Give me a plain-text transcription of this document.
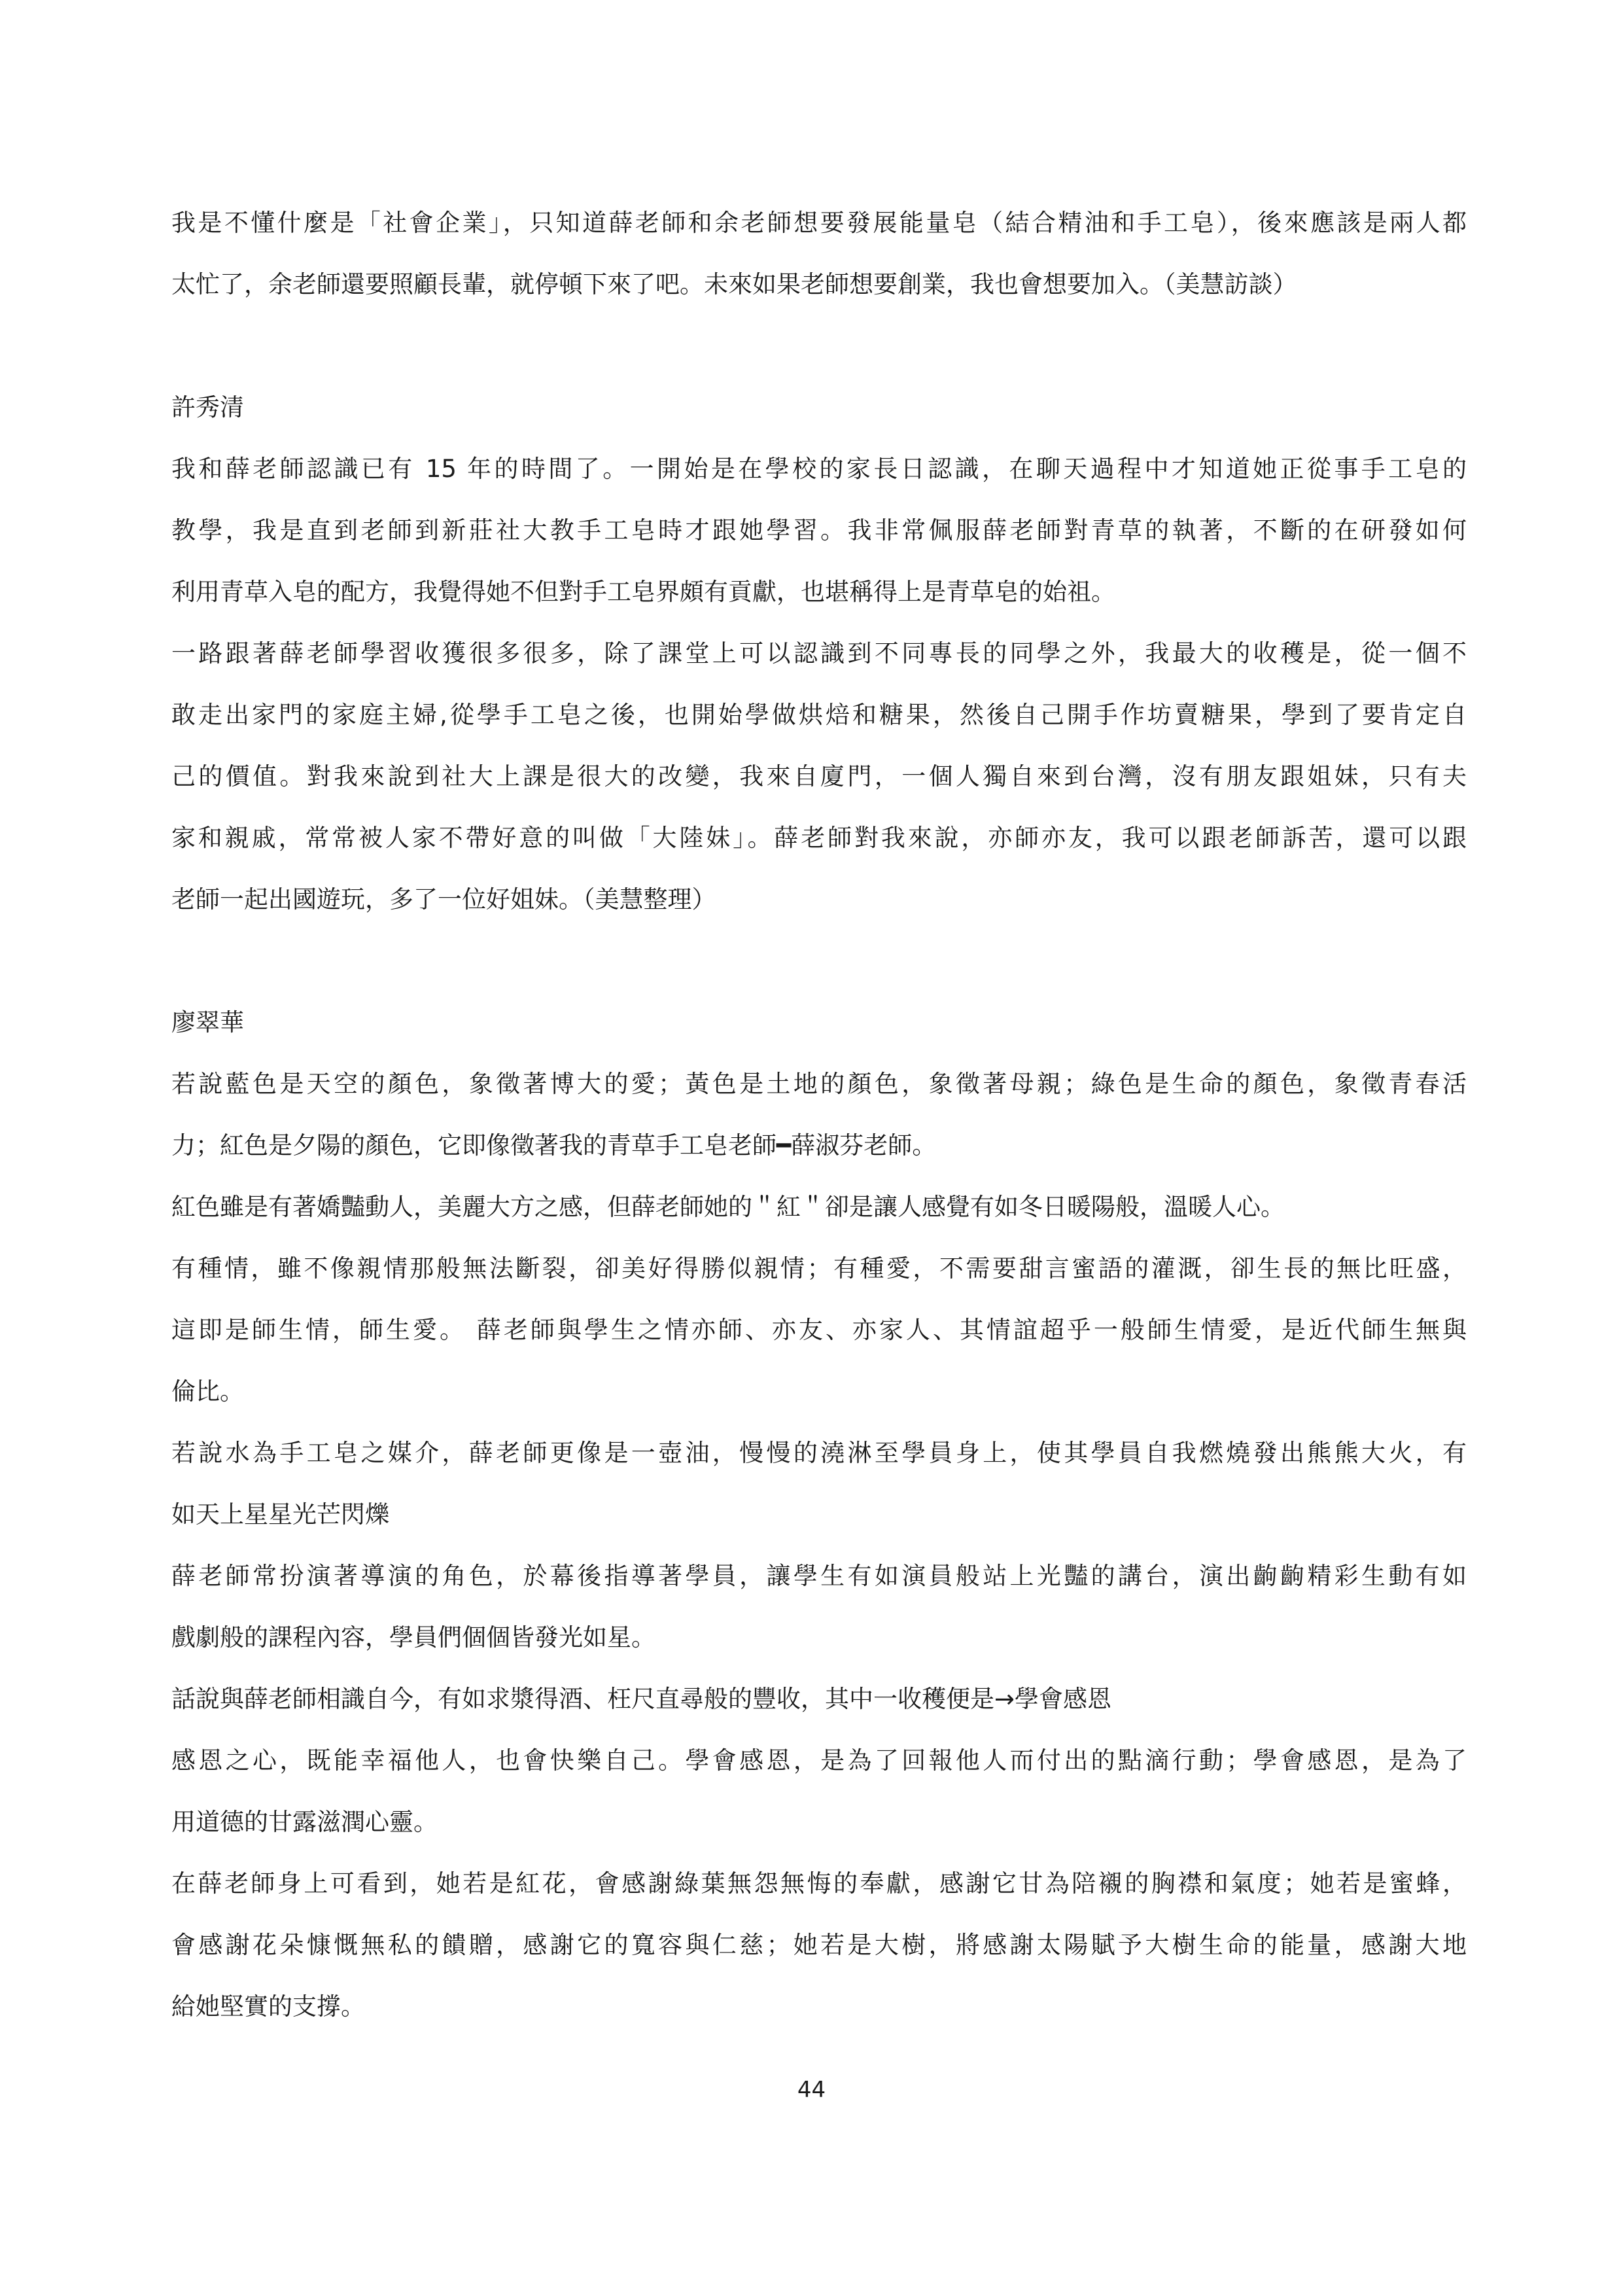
我是不懂什麼是「社會企業」，只知道薛老師和余老師想要發展能量皂（結合精油和手工皂），後來應該是兩人都
太忙了，余老師還要照顧長輩，就停頓下來了吧。未來如果老師想要創業，我也會想要加入。（美慧訪談）
許秀清
我和薛老師認識已有 15 年的時間了。一開始是在學校的家長日認識，在聊天過程中才知道她正從事手工皂的
教學，我是直到老師到新莊社大教手工皂時才跟她學習。我非常佩服薛老師對青草的執著，不斷的在研發如何
利用青草入皂的配方，我覺得她不但對手工皂界頗有貢獻，也堪稱得上是青草皂的始祖。
一路跟著薛老師學習收獲很多很多，除了課堂上可以認識到不同專長的同學之外，我最大的收穫是，從一個不
敢走出家門的家庭主婦,從學手工皂之後，也開始學做烘焙和糖果，然後自己開手作坊賣糖果，學到了要肯定自
己的價值。對我來說到社大上課是很大的改變，我來自廈門，一個人獨自來到台灣，沒有朋友跟姐妹，只有夫
家和親戚，常常被人家不帶好意的叫做「大陸妹」。薛老師對我來說，亦師亦友，我可以跟老師訴苦，還可以跟
老師一起出國遊玩，多了一位好姐妹。（美慧整理）
廖翠華
若說藍色是天空的顏色，象徵著博大的愛；黃色是土地的顏色，象徵著母親；綠色是生命的顏色，象徵青春活
力；紅色是夕陽的顏色，它即像徵著我的青草手工皂老師━薛淑芬老師。
紅色雖是有著嬌豔動人，美麗大方之感，但薛老師她的＂紅＂卻是讓人感覺有如冬日暖陽般，溫暖人心。
有種情，雖不像親情那般無法斷裂，卻美好得勝似親情；有種愛，不需要甜言蜜語的灌溉，卻生長的無比旺盛，
這即是師生情，師生愛。 薛老師與學生之情亦師、亦友、亦家人、其情誼超乎一般師生情愛，是近代師生無與
倫比。
若說水為手工皂之媒介，薛老師更像是一壺油，慢慢的澆淋至學員身上，使其學員自我燃燒發出熊熊大火，有
如天上星星光芒閃爍
薛老師常扮演著導演的角色，於幕後指導著學員，讓學生有如演員般站上光豔的講台，演出齣齣精彩生動有如
戲劇般的課程內容，學員們個個皆發光如星。
話說與薛老師相識自今，有如求漿得酒、枉尺直尋般的豐收，其中一收穫便是→學會感恩
感恩之心，既能幸福他人，也會快樂自己。學會感恩，是為了回報他人而付出的點滴行動；學會感恩，是為了
用道德的甘露滋潤心靈。
在薛老師身上可看到，她若是紅花，會感謝綠葉無怨無悔的奉獻，感謝它甘為陪襯的胸襟和氣度；她若是蜜蜂，
會感謝花朵慷慨無私的饋贈，感謝它的寬容與仁慈；她若是大樹，將感謝太陽賦予大樹生命的能量，感謝大地
給她堅實的支撐。
44
